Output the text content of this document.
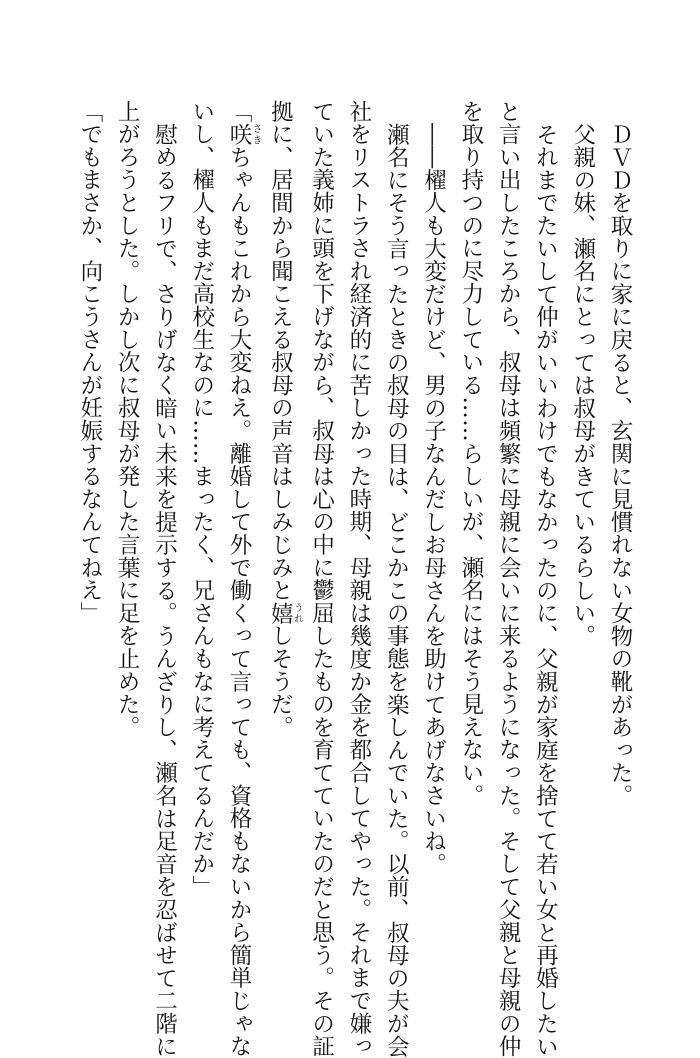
ＤＶＤを取りに家に戻ると、玄関に見慣れない女物の靴があった。
父親の妹、瀬名にとっては叔母がきているらしい。
それまでたいして仲がいいわけでもなかったのに、父親が家庭を捨てて若い女と再婚したい
と言い出したころから、叔母は頻繁に母親に会いに来るようになった。そして父親と母親の仲
を取り持つのに尽力している……らしいが、瀬名にはそう見えない。
――櫂人も大変だけど、男の子なんだしお母さんを助けてあげなさいね。
瀬名にそう言ったときの叔母の目は、どこかこの事態を楽しんでいた。以前、叔母の夫が会
社をリストラされ経済的に苦しかった時期、母親は幾度か金を都合してやった。それまで嫌っ
ていた義姉に頭を下げながら、叔母は心の中に鬱屈したものを育てていたのだと思う。その証
拠に、居間から聞こえる叔母の声音はしみじみと嬉うれしそうだ。
「咲さきちゃんもこれから大変ねえ。離婚して外で働くって言っても、資格もないから簡単じゃな
いし、櫂人もまだ高校生なのに……まったく、兄さんもなに考えてるんだか」
慰めるフリで、さりげなく暗い未来を提示する。うんざりし、瀬名は足音を忍ばせて二階に
上がろうとした。しかし次に叔母が発した言葉に足を止めた。
「でもまさか、向こうさんが妊娠するなんてねえ」
